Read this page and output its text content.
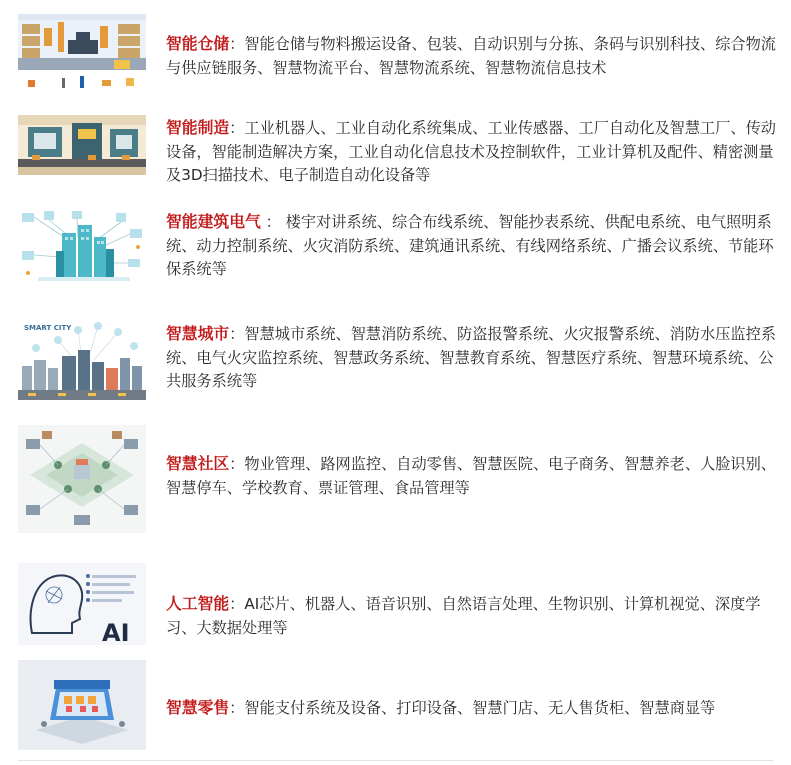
智能仓储：智能仓储与物料搬运设备、包装、自动识别与分拣、条码与识别科技、综合物流与供应链服务、智慧物流平台、智慧物流系统、智慧物流信息技术
智能制造：工业机器人、工业自动化系统集成、工业传感器、工厂自动化及智慧工厂、传动设备，智能制造解决方案，工业自动化信息技术及控制软件，工业计算机及配件、精密测量及3D扫描技术、电子制造自动化设备等
智能建筑电气 ： 楼宇对讲系统、综合布线系统、智能抄表系统、供配电系统、电气照明系统、动力控制系统、火灾消防系统、建筑通讯系统、有线网络系统、广播会议系统、节能环保系统等
SMART CITY	智慧城市：智慧城市系统、智慧消防系统、防盗报警系统、火灾报警系统、消防水压监控系统、电气火灾监控系统、智慧政务系统、智慧教育系统、智慧医疗系统、智慧环境系统、公共服务系统等
智慧社区：物业管理、路网监控、自动零售、智慧医院、电子商务、智慧养老、人脸识别、智慧停车、学校教育、票证管理、食品管理等
AI
人工智能：AI芯片、机器人、语音识别、自然语言处理、生物识别、计算机视觉、深度学习、大数据处理等
智慧零售：智能支付系统及设备、打印设备、智慧门店、无人售货柜、智慧商显等
